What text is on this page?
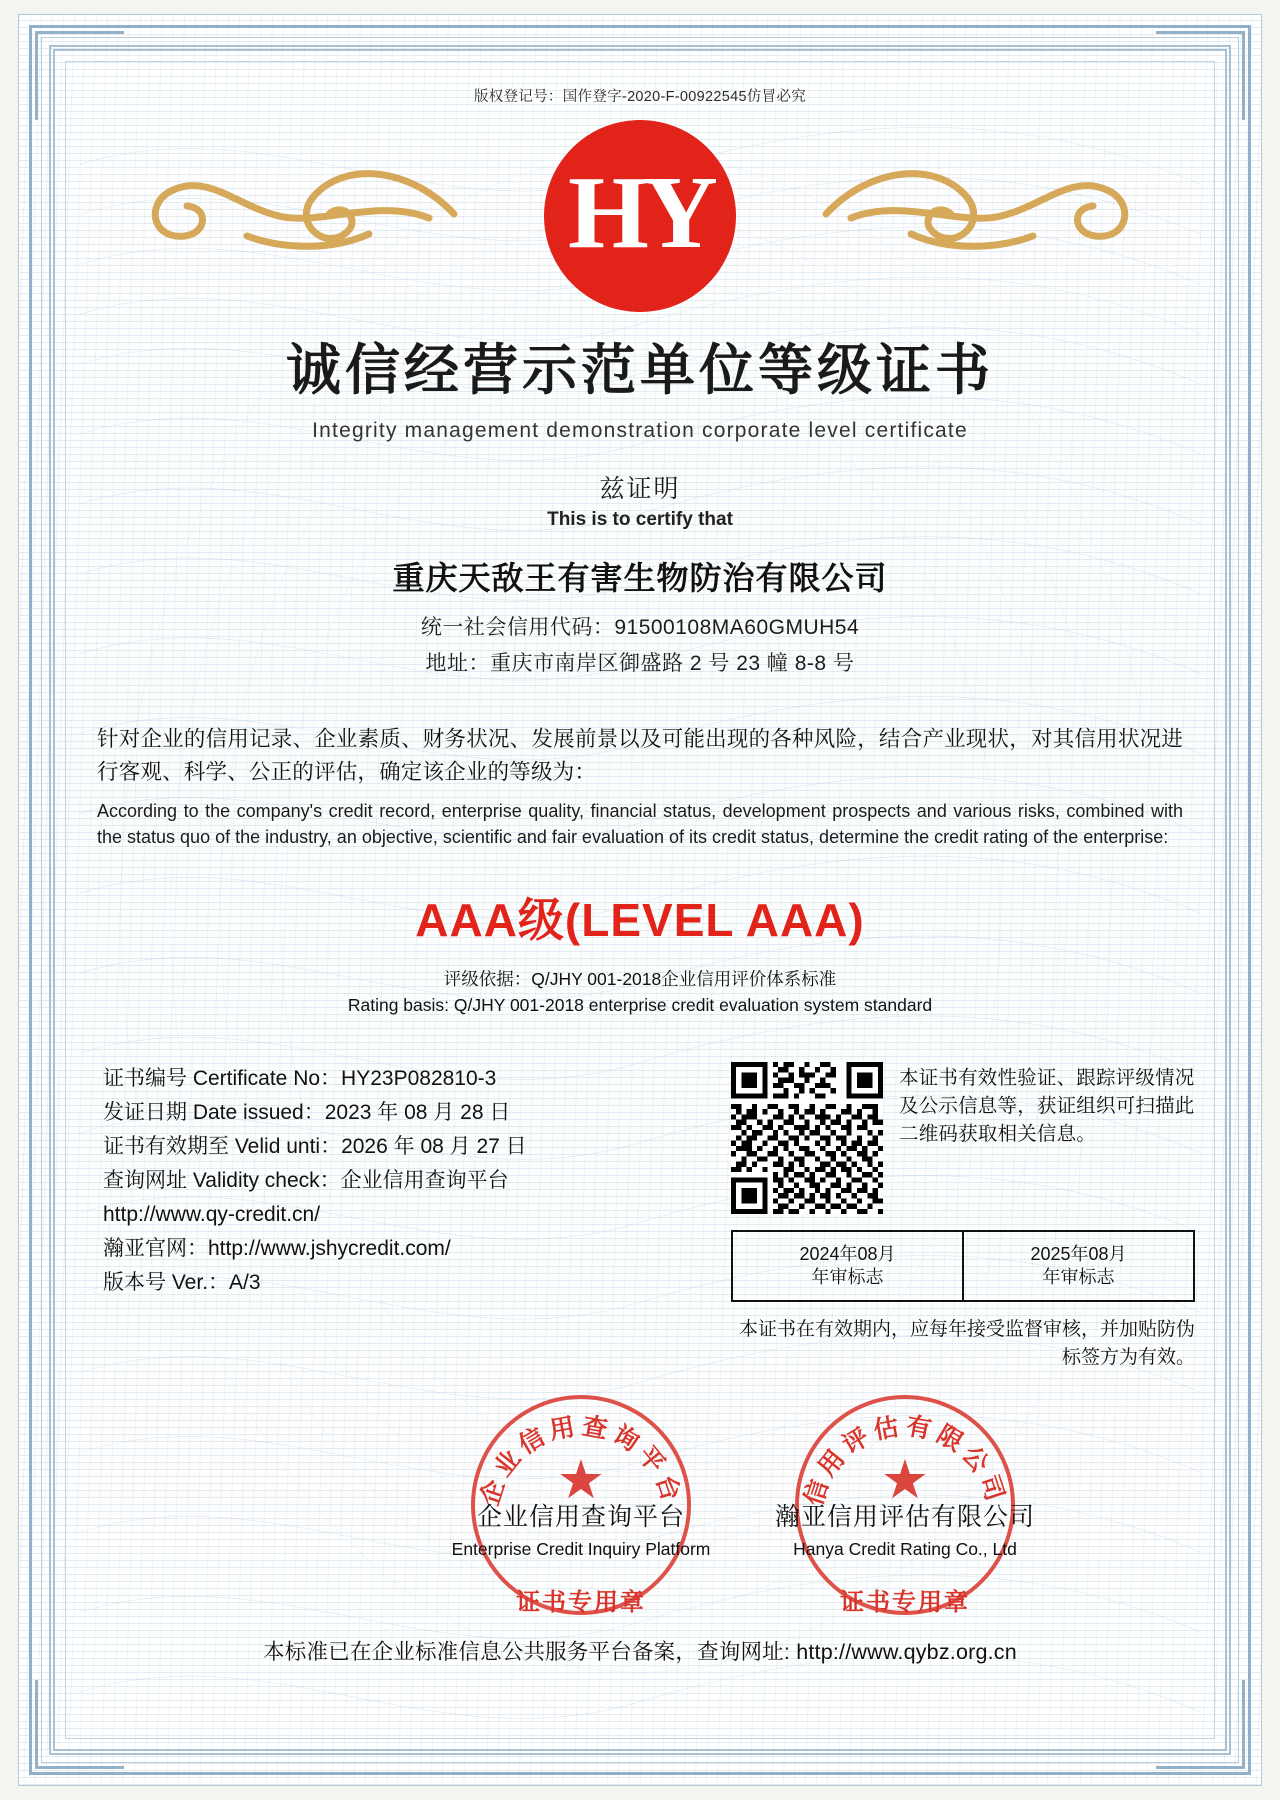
版权登记号：国作登字-2020-F-00922545仿冒必究
HY
诚信经营示范单位等级证书
Integrity management demonstration corporate level certificate
兹证明
This is to certify that
重庆天敌王有害生物防治有限公司
统一社会信用代码：91500108MA60GMUH54
地址：重庆市南岸区御盛路 2 号 23 幢 8-8 号
针对企业的信用记录、企业素质、财务状况、发展前景以及可能出现的各种风险，结合产业现状，对其信用状况进行客观、科学、公正的评估，确定该企业的等级为：
According to the company's credit record, enterprise quality, financial status, development prospects and various risks, combined with the status quo of the industry, an objective, scientific and fair evaluation of its credit status, determine the credit rating of the enterprise:
AAA级(LEVEL AAA)
评级依据：Q/JHY 001-2018企业信用评价体系标准
Rating basis: Q/JHY 001-2018 enterprise credit evaluation system standard
证书编号 Certificate No：HY23P082810-3
发证日期 Date issued：2023 年 08 月 28 日
证书有效期至 Velid unti：2026 年 08 月 27 日
查询网址 Validity check：企业信用查询平台
http://www.qy-credit.cn/
瀚亚官网：http://www.jshycredit.com/
版本号 Ver.：A/3
本证书有效性验证、跟踪评级情况及公示信息等，获证组织可扫描此二维码获取相关信息。
2024年08月
年审标志
2025年08月
年审标志
本证书在有效期内，应每年接受监督审核，并加贴防伪标签方为有效。
企业信用查询平台
★
企业信用查询平台
Enterprise Credit Inquiry Platform
证书专用章
信用评估有限公司
★
瀚亚信用评估有限公司
Hanya Credit Rating Co., Ltd
证书专用章
本标准已在企业标准信息公共服务平台备案，查询网址: http://www.qybz.org.cn
